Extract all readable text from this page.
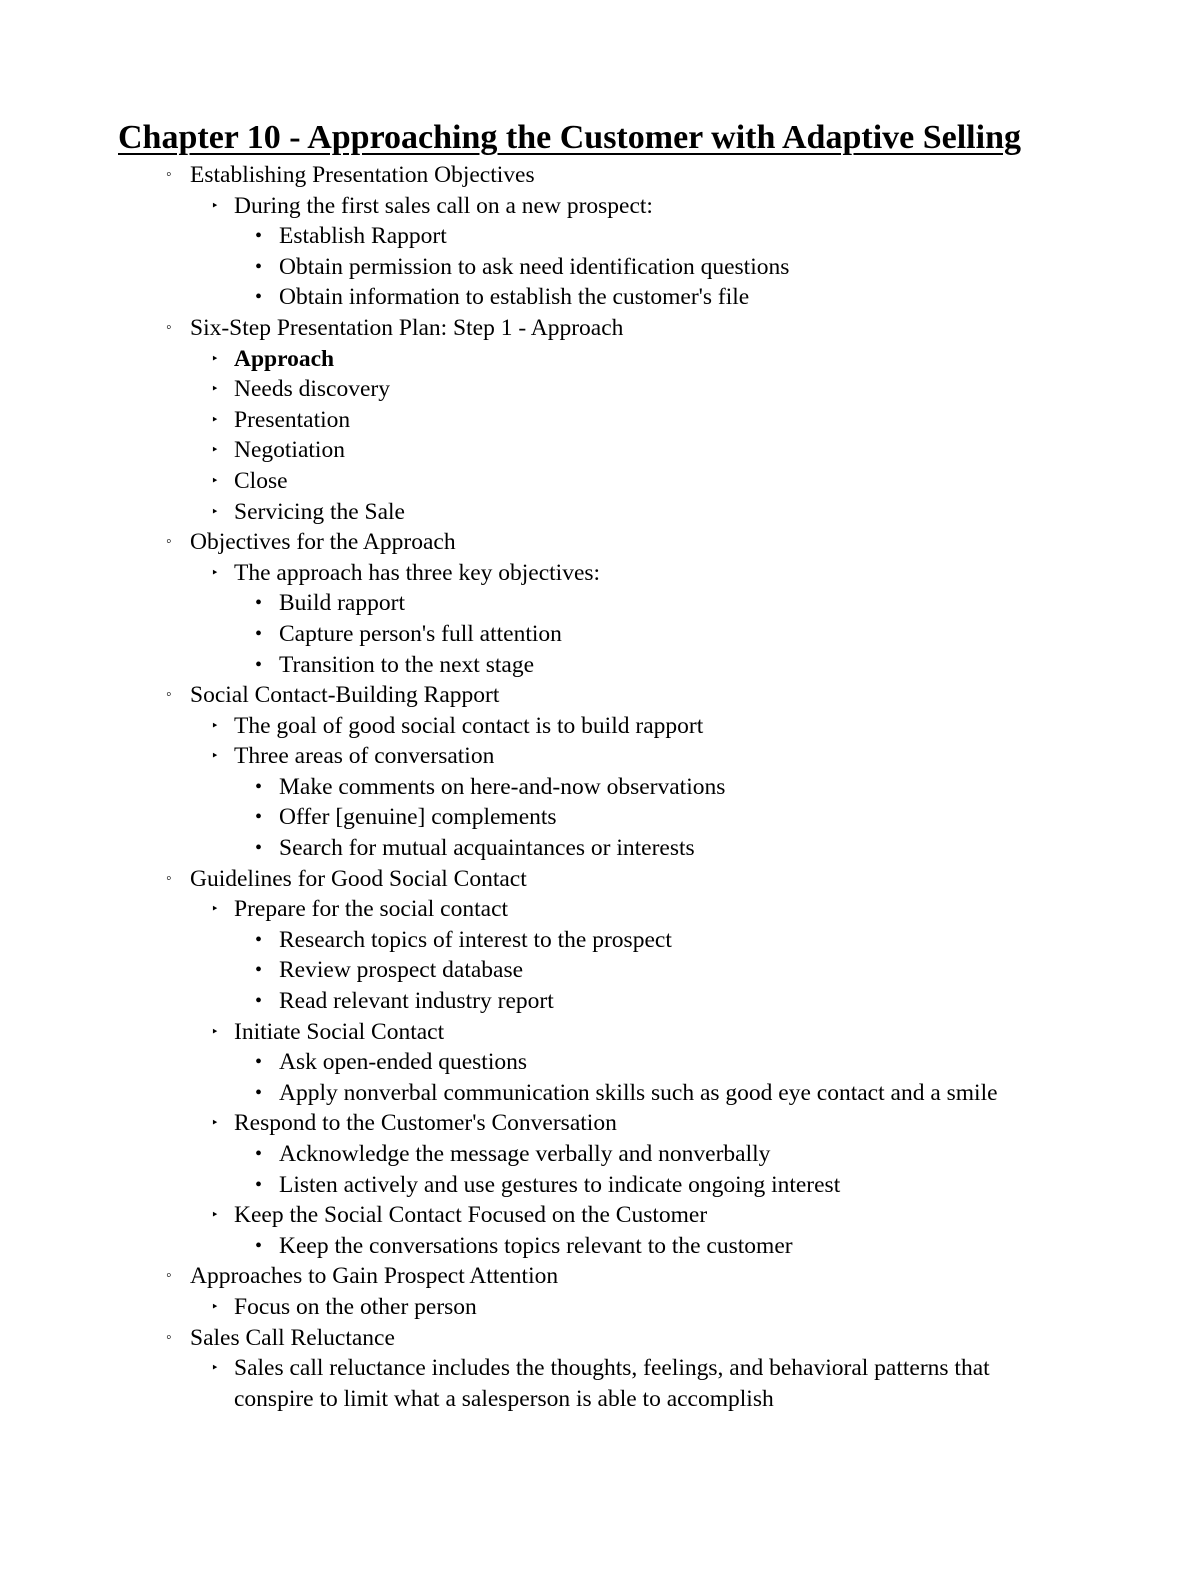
Chapter 10 - Approaching the Customer with Adaptive Selling
◦ Establishing Presentation Objectives
‣ During the first sales call on a new prospect:
• Establish Rapport
• Obtain permission to ask need identification questions
• Obtain information to establish the customer's file
◦ Six-Step Presentation Plan: Step 1 - Approach
‣ Approach
‣ Needs discovery
‣ Presentation
‣ Negotiation
‣ Close
‣ Servicing the Sale
◦ Objectives for the Approach
‣ The approach has three key objectives:
• Build rapport
• Capture person's full attention
• Transition to the next stage
◦ Social Contact-Building Rapport
‣ The goal of good social contact is to build rapport
‣ Three areas of conversation
• Make comments on here-and-now observations
• Offer [genuine] complements
• Search for mutual acquaintances or interests
◦ Guidelines for Good Social Contact
‣ Prepare for the social contact
• Research topics of interest to the prospect
• Review prospect database
• Read relevant industry report
‣ Initiate Social Contact
• Ask open-ended questions
• Apply nonverbal communication skills such as good eye contact and a smile
‣ Respond to the Customer's Conversation
• Acknowledge the message verbally and nonverbally
• Listen actively and use gestures to indicate ongoing interest
‣ Keep the Social Contact Focused on the Customer
• Keep the conversations topics relevant to the customer
◦ Approaches to Gain Prospect Attention
‣ Focus on the other person
◦ Sales Call Reluctance
‣ Sales call reluctance includes the thoughts, feelings, and behavioral patterns that conspire to limit what a salesperson is able to accomplish
